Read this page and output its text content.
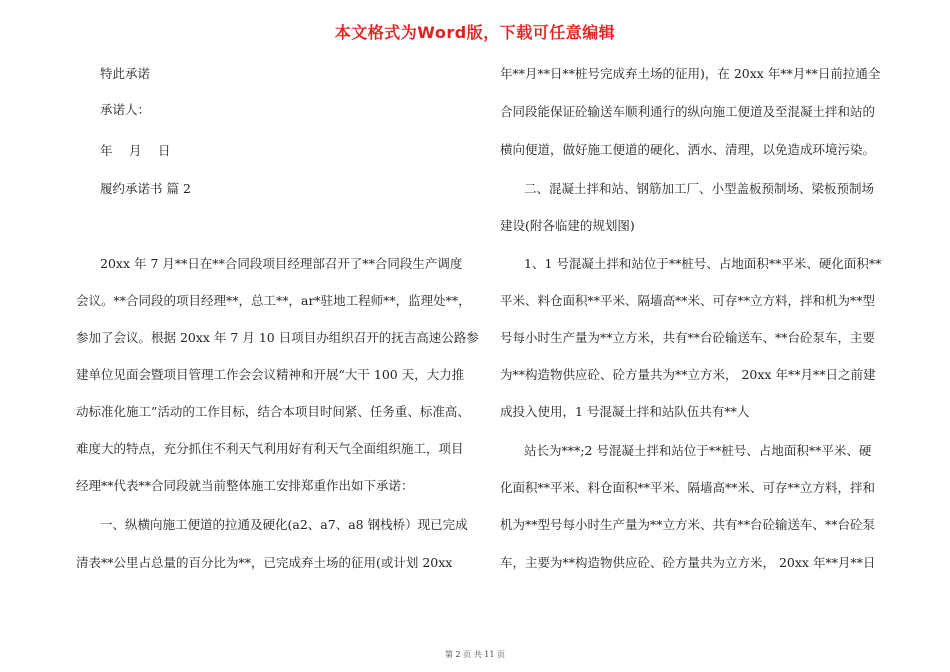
本文格式为Word版，下载可任意编辑
特此承诺
承诺人：
年　 月　 日
履约承诺书 篇 2
20xx 年 7 月**日在**合同段项目经理部召开了**合同段生产调度
会议。**合同段的项目经理**，总工**，ar*驻地工程师**，监理处**，
参加了会议。根据 20xx 年 7 月 10 日项目办组织召开的抚吉高速公路参
建单位见面会暨项目管理工作会会议精神和开展“大干 100 天，大力推
动标准化施工”活动的工作目标，结合本项目时间紧、任务重、标准高、
难度大的特点，充分抓住不利天气利用好有利天气全面组织施工，项目
经理**代表**合同段就当前整体施工安排郑重作出如下承诺：
一、纵横向施工便道的拉通及硬化(a2、a7、a8 钢栈桥）现已完成
清表**公里占总量的百分比为**，已完成弃土场的征用(或计划 20xx
年**月**日**桩号完成弃土场的征用)，在 20xx 年**月**日前拉通全
合同段能保证砼输送车顺利通行的纵向施工便道及至混凝土拌和站的
横向便道，做好施工便道的硬化、洒水、清理，以免造成环境污染。
二、混凝土拌和站、钢筋加工厂、小型盖板预制场、梁板预制场
建设(附各临建的规划图)
1、1 号混凝土拌和站位于**桩号、占地面积**平米、硬化面积**
平米、料仓面积**平米、隔墙高**米、可存**立方料，拌和机为**型
号每小时生产量为**立方米，共有**台砼输送车、**台砼泵车，主要
为**构造物供应砼、砼方量共为**立方米， 20xx 年**月**日之前建
成投入使用，1 号混凝土拌和站队伍共有**人
站长为***;2 号混凝土拌和站位于**桩号、占地面积**平米、硬
化面积**平米、料仓面积**平米、隔墙高**米、可存**立方料，拌和
机为**型号每小时生产量为**立方米、共有**台砼输送车、**台砼泵
车，主要为**构造物供应砼、砼方量共为立方米， 20xx 年**月**日
第 2 页 共 11 页
